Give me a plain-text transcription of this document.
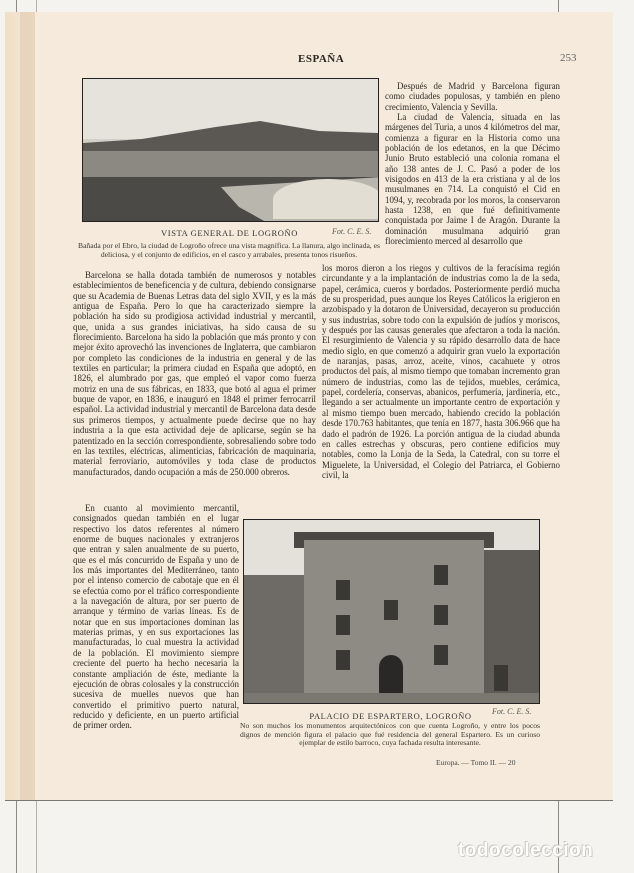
ESPAÑA	253
Fot. C. E. S.
VISTA GENERAL DE LOGROÑO
Bañada por el Ebro, la ciudad de Logroño ofrece una vista magnífica. La llanura, algo inclinada, es deliciosa, y el conjunto de edificios, en el casco y arrabales, presenta tonos risueños.

Después de Madrid y Barcelona figuran como ciudades populosas, y también en pleno crecimiento, Valencia y Sevilla.

La ciudad de Valencia, situada en las márgenes del Turia, a unos 4 kilómetros del mar, comienza a figurar en la Historia como una población de los edetanos, en la que Décimo Junio Bruto estableció una colonia romana el año 138 antes de J. C. Pasó a poder de los visigodos en 413 de la era cristiana y al de los musulmanes en 714. La conquistó el Cid en 1094, y, recobrada por los moros, la conservaron hasta 1238, en que fué definitivamente conquistada por Jaime I de Aragón. Durante la dominación musulmana adquirió gran florecimiento merced al desarrollo que

Barcelona se halla dotada también de numerosos y notables establecimientos de beneficencia y de cultura, debiendo consignarse que su Academia de Buenas Letras data del siglo XVII, y es la más antigua de España. Pero lo que ha caracterizado siempre la población ha sido su prodigiosa actividad industrial y mercantil, que, unida a sus grandes iniciativas, ha sido causa de su florecimiento. Barcelona ha sido la población que más pronto y con mejor éxito aprovechó las invenciones de Inglaterra, que cambiaron por completo las condiciones de la industria en general y de las textiles en particular; la primera ciudad en España que adoptó, en 1826, el alumbrado por gas, que empleó el vapor como fuerza motriz en una de sus fábricas, en 1833, que botó al agua el primer buque de vapor, en 1836, e inauguró en 1848 el primer ferrocarril español. La actividad industrial y mercantil de Barcelona data desde sus primeros tiempos, y actualmente puede decirse que no hay industria a la que esta actividad deje de aplicarse, según se ha patentizado en la sección correspondiente, sobresaliendo sobre todo en las textiles, eléctricas, alimenticias, fabricación de maquinaria, material ferroviario, automóviles y toda clase de productos manufacturados, dando ocupación a más de 250.000 obreros.

En cuanto al movimiento mercantil, consignados quedan también en el lugar respectivo los datos referentes al número enorme de buques nacionales y extranjeros que entran y salen anualmente de su puerto, que es el más concurrido de España y uno de los más importantes del Mediterráneo, tanto por el intenso comercio de cabotaje que en él se efectúa como por el tráfico correspondiente a la navegación de altura, por ser puerto de arranque y término de varias líneas. Es de notar que en sus importaciones dominan las materias primas, y en sus exportaciones las manufacturadas, lo cual muestra la actividad de la población. El movimiento siempre creciente del puerto ha hecho necesaria la constante ampliación de éste, mediante la ejecución de obras colosales y la construcción sucesiva de muelles nuevos que han convertido el primitivo puerto natural, reducido y deficiente, en un puerto artificial de primer orden.

los moros dieron a los riegos y cultivos de la feracísima región circundante y a la implantación de industrias como la de la seda, papel, cerámica, cueros y bordados. Posteriormente perdió mucha de su prosperidad, pues aunque los Reyes Católicos la erigieron en arzobispado y la dotaron de Universidad, decayeron su producción y sus industrias, sobre todo con la expulsión de judíos y moriscos, y después por las causas generales que afectaron a toda la nación. El resurgimiento de Valencia y su rápido desarrollo data de hace medio siglo, en que comenzó a adquirir gran vuelo la exportación de naranjas, pasas, arroz, aceite, vinos, cacahuete y otros productos del país, al mismo tiempo que tomaban incremento gran número de industrias, como las de tejidos, muebles, cerámica, papel, cordelería, conservas, abanicos, perfumería, jardinería, etc., llegando a ser actualmente un importante centro de exportación y al mismo tiempo buen mercado, habiendo crecido la población desde 170.763 habitantes, que tenía en 1877, hasta 306.966 que ha dado el padrón de 1926. La porción antigua de la ciudad abunda en calles estrechas y obscuras, pero contiene edificios muy notables, como la Lonja de la Seda, la Catedral, con su torre el Miguelete, la Universidad, el Colegio del Patriarca, el Gobierno civil, la

Fot. C. E. S.
PALACIO DE ESPARTERO, LOGROÑO
No son muchos los monumentos arquitectónicos con que cuenta Logroño, y entre los pocos dignos de mención figura el palacio que fué residencia del general Espartero. Es un curioso ejemplar de estilo barroco, cuya fachada resulta interesante.
Europa. — Tomo II. — 20
todocoleccion
